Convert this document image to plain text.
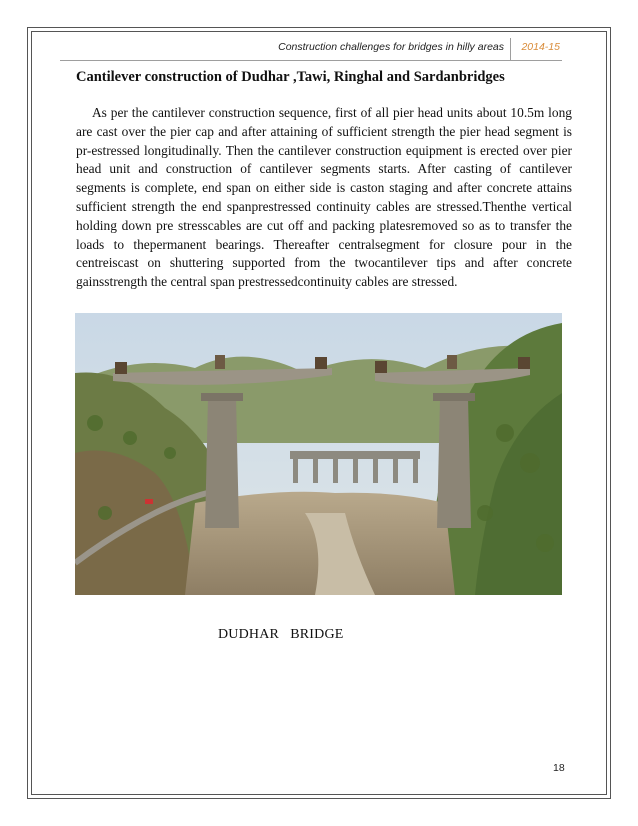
Construction challenges for bridges in hilly areas 2014-15
Cantilever construction of Dudhar ,Tawi, Ringhal and Sardanbridges
As per the cantilever construction sequence, first of all pier head units about 10.5m long are cast over the pier cap and after attaining of sufficient strength the pier head segment is pr-estressed longitudinally. Then the cantilever construction equipment is erected over pier head unit and construction of cantilever segments starts. After casting of cantilever segments is complete, end span on either side is caston staging and after concrete attains sufficient strength the end spanprestressed continuity cables are stressed.Thenthe vertical holding down pre stresscables are cut off and packing platesremoved so as to transfer the loads to thepermanent bearings. Thereafter centralsegment for closure pour in the centreiscast on shuttering supported from the twocantilever tips and after concrete gainsstrength the central span prestressedcontinuity cables are stressed.
DUDHAR   BRIDGE
18
